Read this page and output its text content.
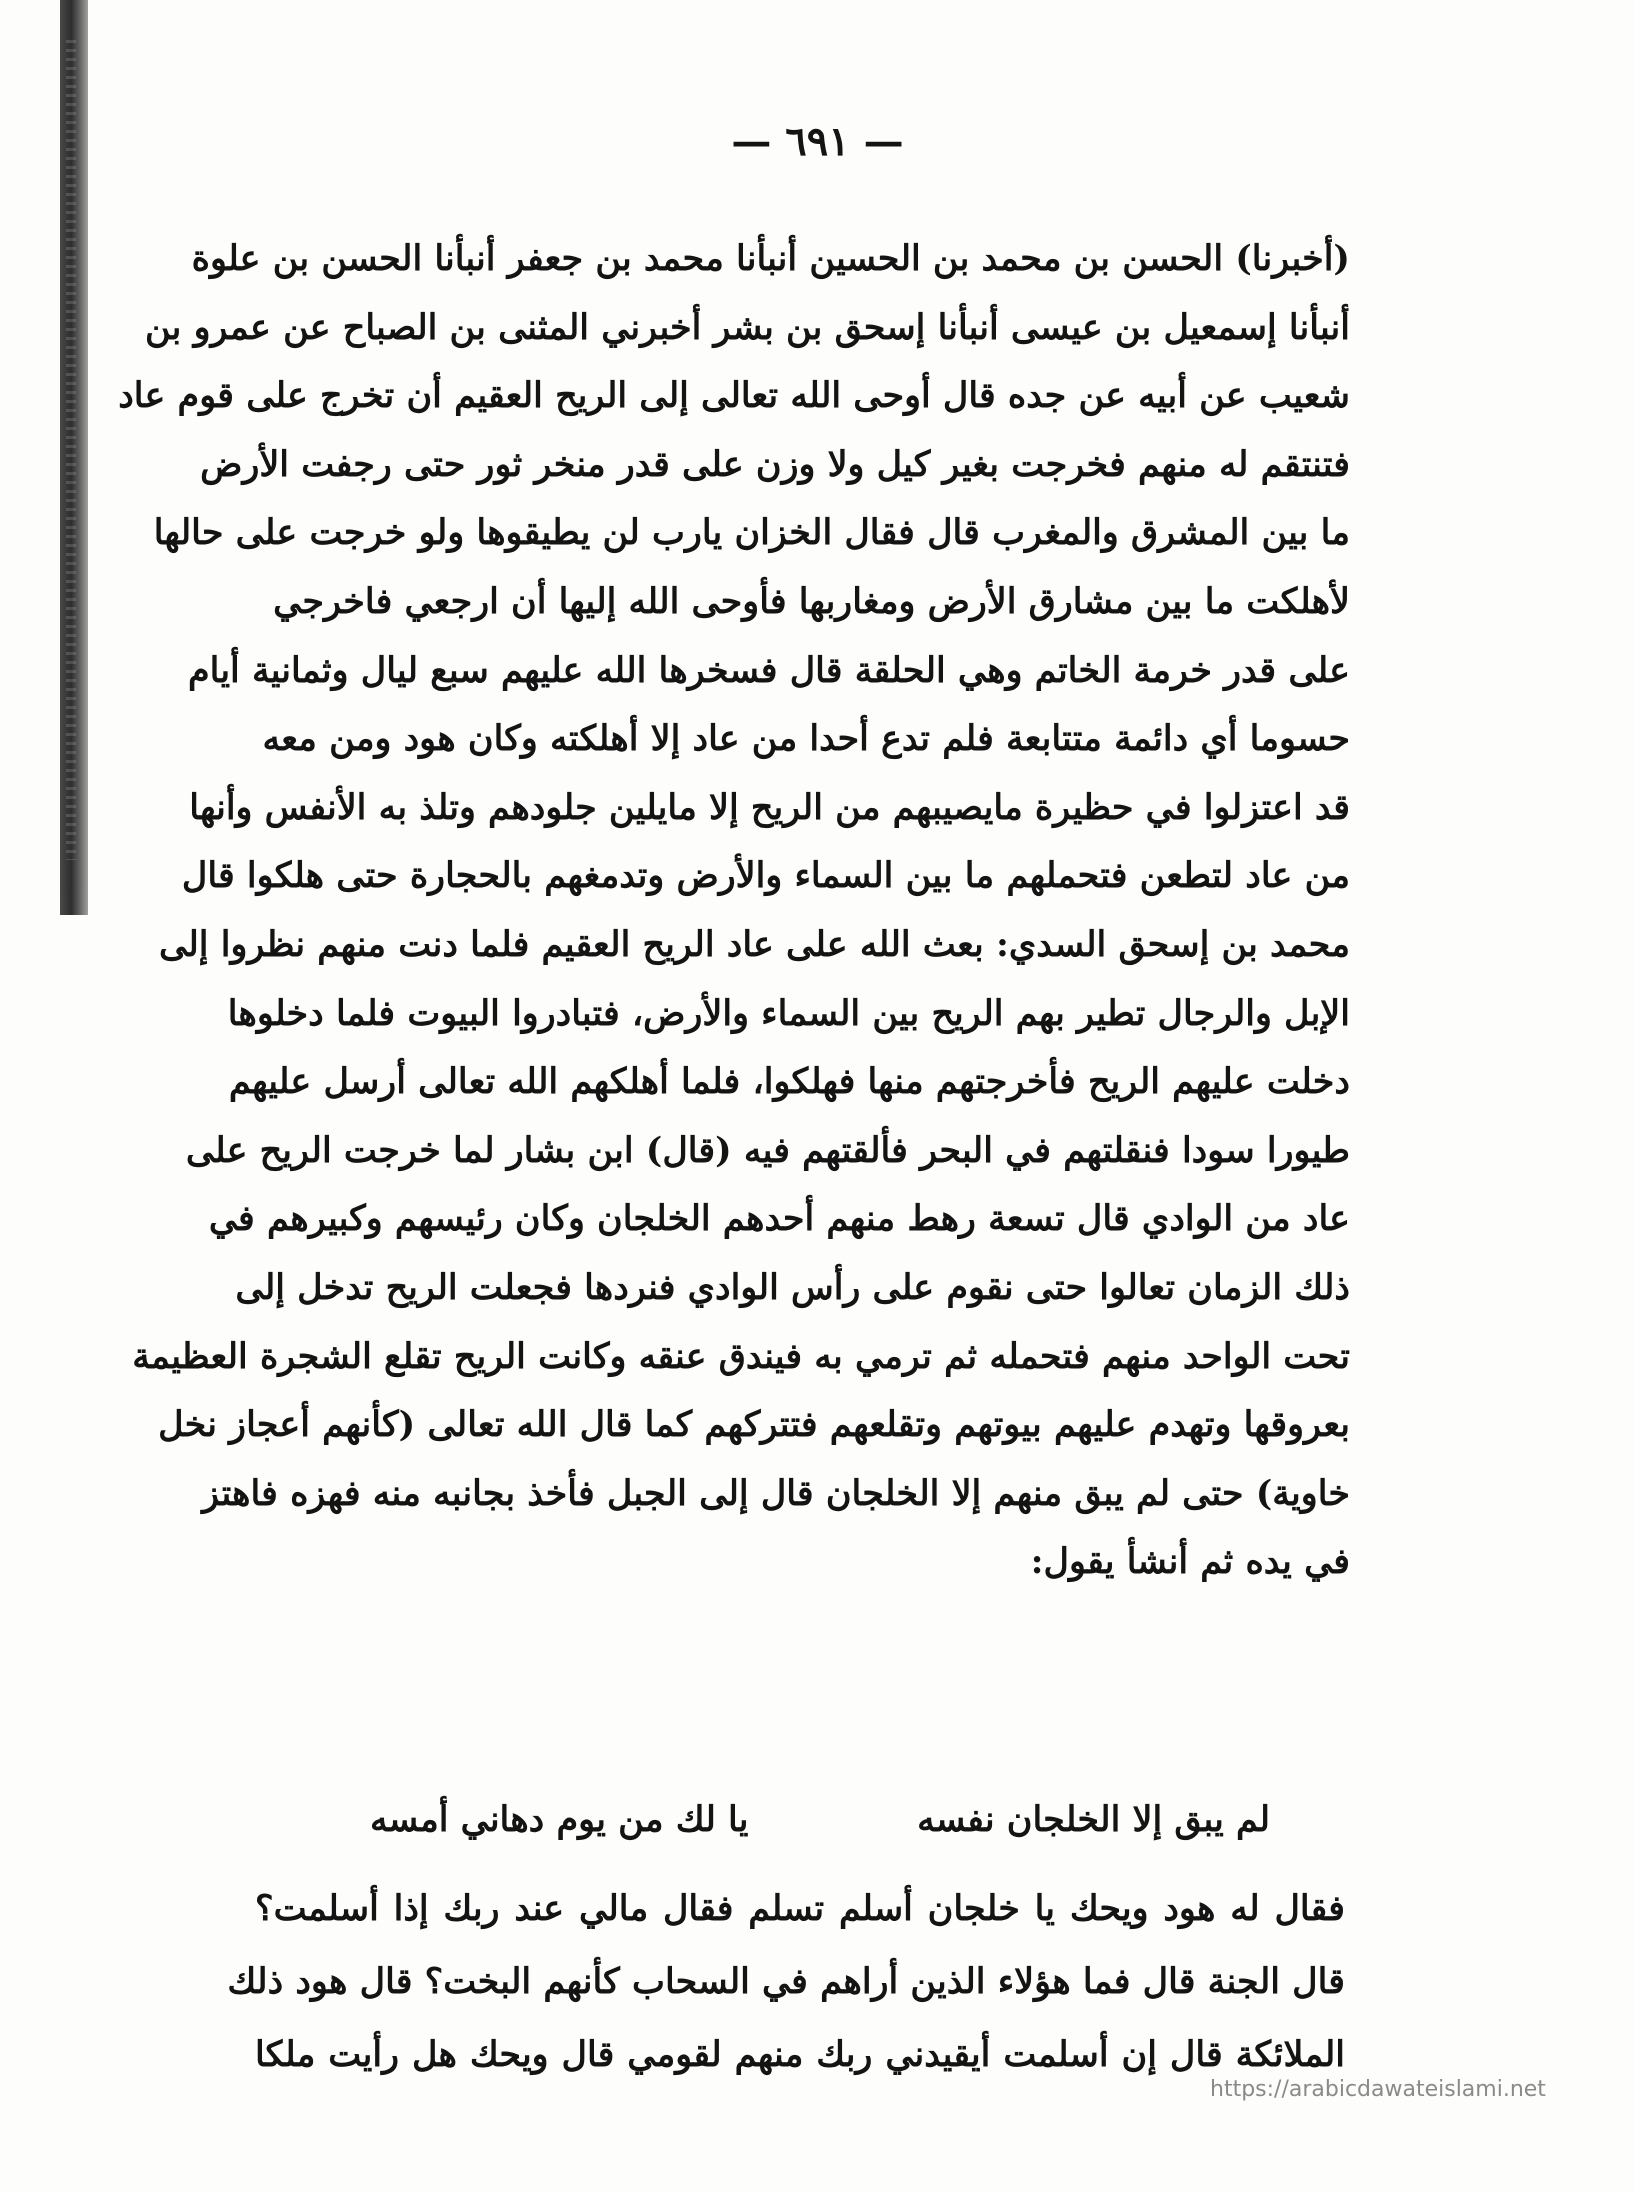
— ٦٩١ —
(أخبرنا) الحسن بن محمد بن الحسين أنبأنا محمد بن جعفر أنبأنا الحسن بن علوة
أنبأنا إسمعيل بن عيسى أنبأنا إسحق بن بشر أخبرني المثنى بن الصباح عن عمرو بن
شعيب عن أبيه عن جده قال أوحى الله تعالى إلى الريح العقيم أن تخرج على قوم عاد
فتنتقم له منهم فخرجت بغير كيل ولا وزن على قدر منخر ثور حتى رجفت الأرض
ما بين المشرق والمغرب قال فقال الخزان يارب لن يطيقوها ولو خرجت على حالها
لأهلكت ما بين مشارق الأرض ومغاربها فأوحى الله إليها أن ارجعي فاخرجي
على قدر خرمة الخاتم وهي الحلقة قال فسخرها الله عليهم سبع ليال وثمانية أيام
حسوما أي دائمة متتابعة فلم تدع أحدا من عاد إلا أهلكته وكان هود ومن معه
قد اعتزلوا في حظيرة مايصيبهم من الريح إلا مايلين جلودهم وتلذ به الأنفس وأنها
من عاد لتطعن فتحملهم ما بين السماء والأرض وتدمغهم بالحجارة حتى هلكوا قال
محمد بن إسحق السدي: بعث الله على عاد الريح العقيم فلما دنت منهم نظروا إلى
الإبل والرجال تطير بهم الريح بين السماء والأرض، فتبادروا البيوت فلما دخلوها
دخلت عليهم الريح فأخرجتهم منها فهلكوا، فلما أهلكهم الله تعالى أرسل عليهم
طيورا سودا فنقلتهم في البحر فألقتهم فيه (قال) ابن بشار لما خرجت الريح على
عاد من الوادي قال تسعة رهط منهم أحدهم الخلجان وكان رئيسهم وكبيرهم في
ذلك الزمان تعالوا حتى نقوم على رأس الوادي فنردها فجعلت الريح تدخل إلى
تحت الواحد منهم فتحمله ثم ترمي به فيندق عنقه وكانت الريح تقلع الشجرة العظيمة
بعروقها وتهدم عليهم بيوتهم وتقلعهم فتتركهم كما قال الله تعالى (كأنهم أعجاز نخل
خاوية) حتى لم يبق منهم إلا الخلجان قال إلى الجبل فأخذ بجانبه منه فهزه فاهتز
في يده ثم أنشأ يقول:
لم يبق إلا الخلجان نفسه
يا لك من يوم دهاني أمسه
فقال له هود ويحك يا خلجان أسلم تسلم فقال مالي عند ربك إذا أسلمت؟
قال الجنة قال فما هؤلاء الذين أراهم في السحاب كأنهم البخت؟ قال هود ذلك
الملائكة قال إن أسلمت أيقيدني ربك منهم لقومي قال ويحك هل رأيت ملكا
https://arabicdawateislami.net
